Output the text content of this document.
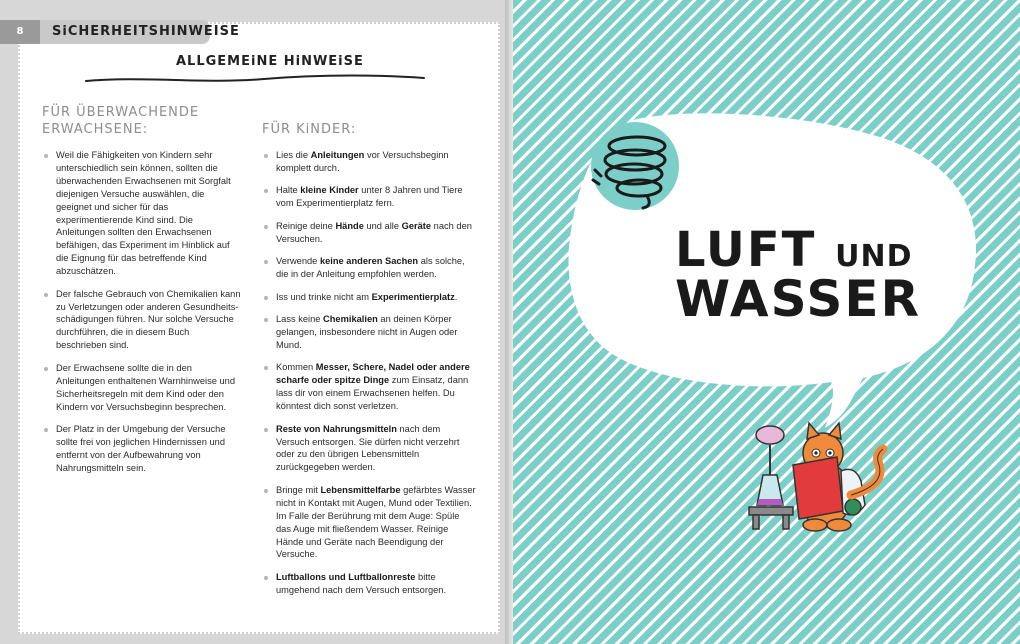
8	SiCHERHEITSHINWEISE
ALLGEMEiNE HiNWEiSE
FÜR ÜBERWACHENDE
ERWACHSENE:
Weil die Fähigkeiten von Kindern sehr unterschiedlich sein können, sollten die überwachenden Erwachsenen mit Sorgfalt diejenigen Versuche auswählen, die geeignet und sicher für das experimentierende Kind sind. Die Anleitungen sollten den Erwachsenen befähigen, das Experiment im Hinblick auf die Eignung für das betreffende Kind abzuschätzen.
Der falsche Gebrauch von Chemikalien kann zu Verletzungen oder anderen Gesundheitsschädigungen führen. Nur solche Versuche durchführen, die in diesem Buch beschrieben sind.
Der Erwachsene sollte die in den Anleitungen enthaltenen Warnhinweise und Sicherheitsregeln mit dem Kind oder den Kindern vor Versuchsbeginn besprechen.
Der Platz in der Umgebung der Versuche sollte frei von jeglichen Hindernissen und entfernt von der Aufbewahrung von Nahrungsmitteln sein.
FÜR KiNDER:
Lies die Anleitungen vor Versuchsbeginn komplett durch.
Halte kleine Kinder unter 8 Jahren und Tiere vom Experimentierplatz fern.
Reinige deine Hände und alle Geräte nach den Versuchen.
Verwende keine anderen Sachen als solche, die in der Anleitung empfohlen werden.
Iss und trinke nicht am Experimentierplatz.
Lass keine Chemikalien an deinen Körper gelangen, insbesondere nicht in Augen oder Mund.
Kommen Messer, Schere, Nadel oder andere scharfe oder spitze Dinge zum Einsatz, dann lass dir von einem Erwachsenen helfen. Du könntest dich sonst verletzen.
Reste von Nahrungsmitteln nach dem Versuch entsorgen. Sie dürfen nicht verzehrt oder zu den übrigen Lebensmitteln zurückgegeben werden.
Bringe mit Lebensmittelfarbe gefärbtes Wasser nicht in Kontakt mit Augen, Mund oder Textilien. Im Falle der Berührung mit dem Auge: Spüle das Auge mit fließendem Wasser. Reinige Hände und Geräte nach Beendigung der Versuche.
Luftballons und Luftballonreste bitte umgehend nach dem Versuch entsorgen.
LUFT UND
WASSER
